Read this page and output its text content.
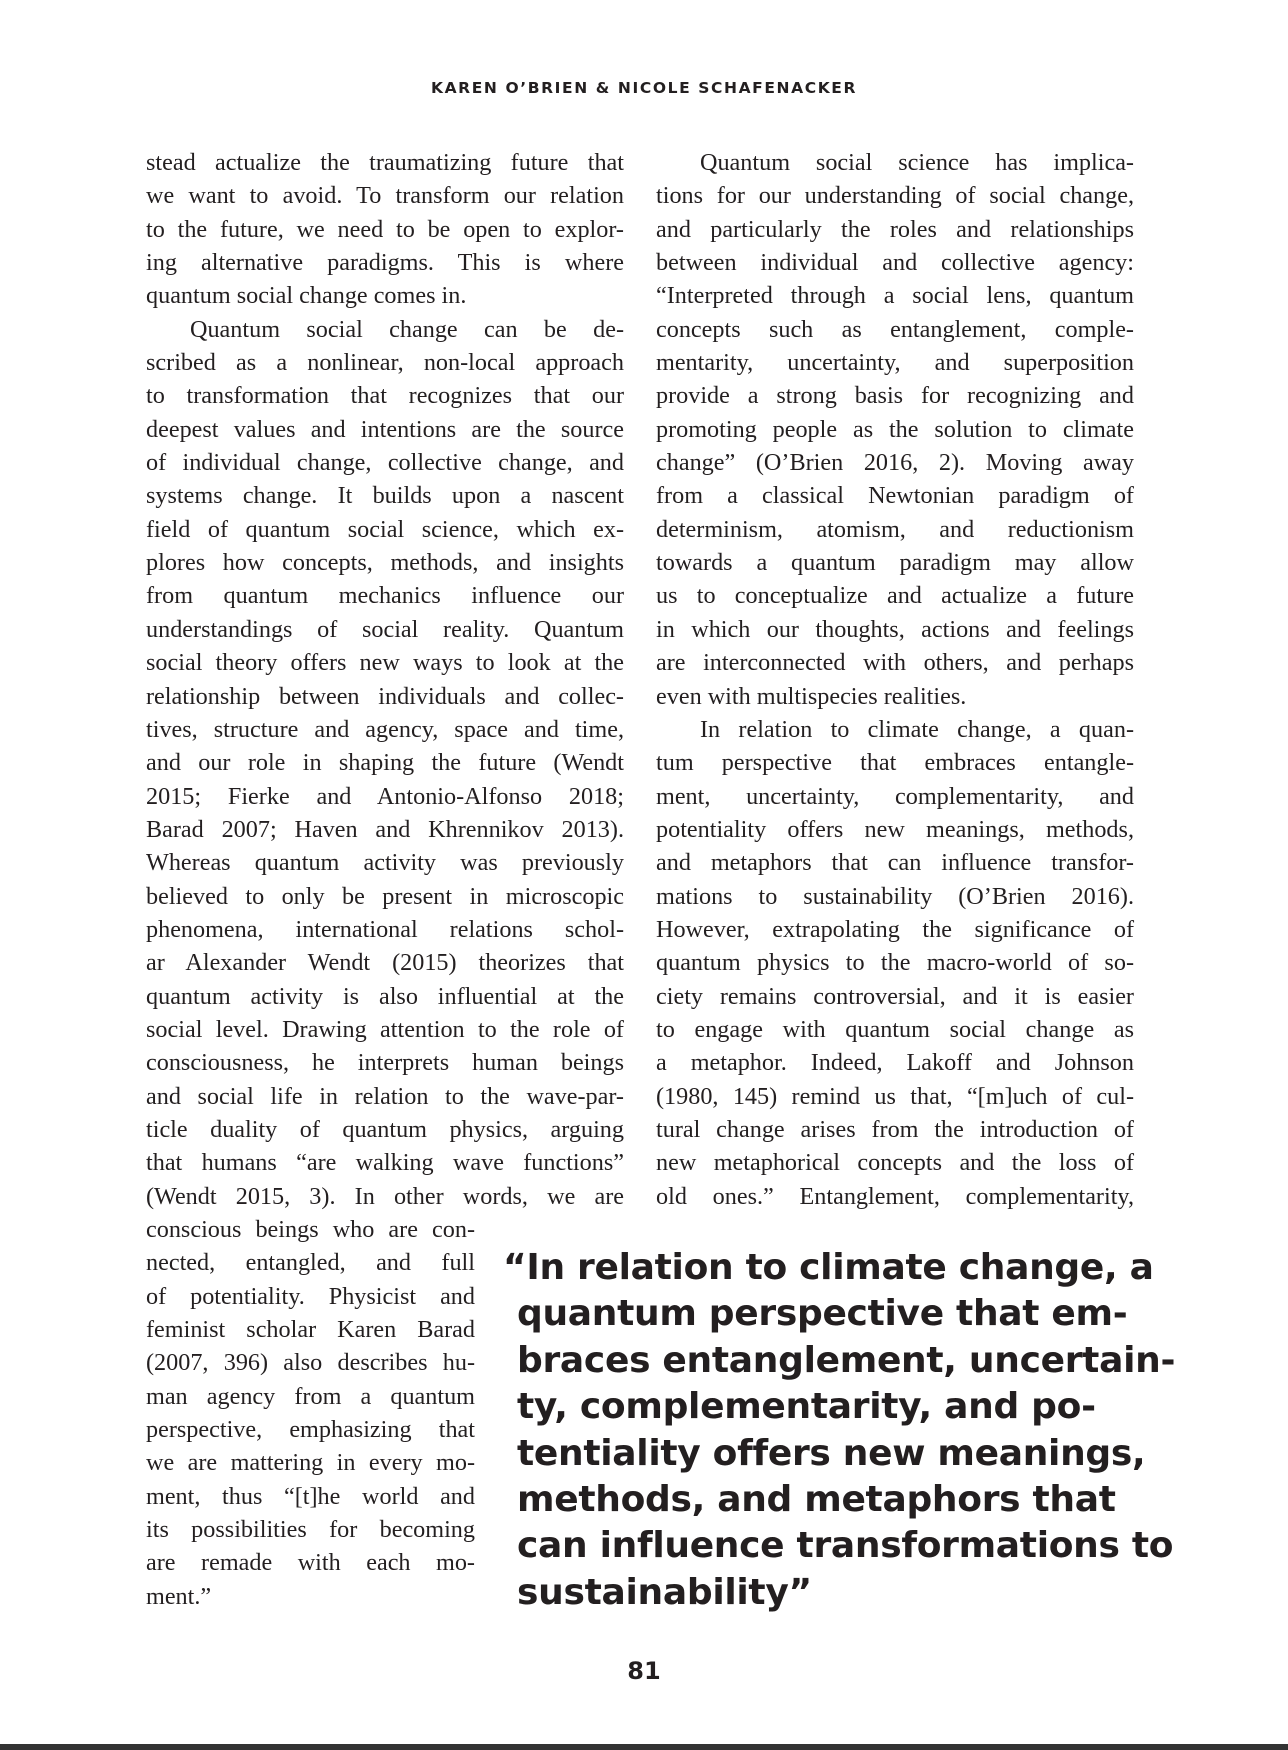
KAREN O’BRIEN & NICOLE SCHAFENACKER
stead actualize the traumatizing future that
we want to avoid. To transform our relation
to the future, we need to be open to explor-
ing alternative paradigms. This is where
quantum social change comes in.
Quantum social change can be de-
scribed as a nonlinear, non-local approach
to transformation that recognizes that our
deepest values and intentions are the source
of individual change, collective change, and
systems change. It builds upon a nascent
field of quantum social science, which ex-
plores how concepts, methods, and insights
from quantum mechanics influence our
understandings of social reality. Quantum
social theory offers new ways to look at the
relationship between individuals and collec-
tives, structure and agency, space and time,
and our role in shaping the future (Wendt
2015; Fierke and Antonio-Alfonso 2018;
Barad 2007; Haven and Khrennikov 2013).
Whereas quantum activity was previously
believed to only be present in microscopic
phenomena, international relations schol-
ar Alexander Wendt (2015) theorizes that
quantum activity is also influential at the
social level. Drawing attention to the role of
consciousness, he interprets human beings
and social life in relation to the wave-par-
ticle duality of quantum physics, arguing
that humans “are walking wave functions”
(Wendt 2015, 3). In other words, we are
conscious beings who are con-
nected, entangled, and full
of potentiality. Physicist and
feminist scholar Karen Barad
(2007, 396) also describes hu-
man agency from a quantum
perspective, emphasizing that
we are mattering in every mo-
ment, thus “[t]he world and
its possibilities for becoming
are remade with each mo-
ment.”
Quantum social science has implica-
tions for our understanding of social change,
and particularly the roles and relationships
between individual and collective agency:
“Interpreted through a social lens, quantum
concepts such as entanglement, comple-
mentarity, uncertainty, and superposition
provide a strong basis for recognizing and
promoting people as the solution to climate
change” (O’Brien 2016, 2). Moving away
from a classical Newtonian paradigm of
determinism, atomism, and reductionism
towards a quantum paradigm may allow
us to conceptualize and actualize a future
in which our thoughts, actions and feelings
are interconnected with others, and perhaps
even with multispecies realities.
In relation to climate change, a quan-
tum perspective that embraces entangle-
ment, uncertainty, complementarity, and
potentiality offers new meanings, methods,
and metaphors that can influence transfor-
mations to sustainability (O’Brien 2016).
However, extrapolating the significance of
quantum physics to the macro-world of so-
ciety remains controversial, and it is easier
to engage with quantum social change as
a metaphor. Indeed, Lakoff and Johnson
(1980, 145) remind us that, “[m]uch of cul-
tural change arises from the introduction of
new metaphorical concepts and the loss of
old ones.” Entanglement, complementarity,
“In relation to climate change, a
quantum perspective that em-
braces entanglement, uncertain-
ty, complementarity, and po-
tentiality offers new meanings,
methods, and metaphors that
can influence transformations to
sustainability”
81
